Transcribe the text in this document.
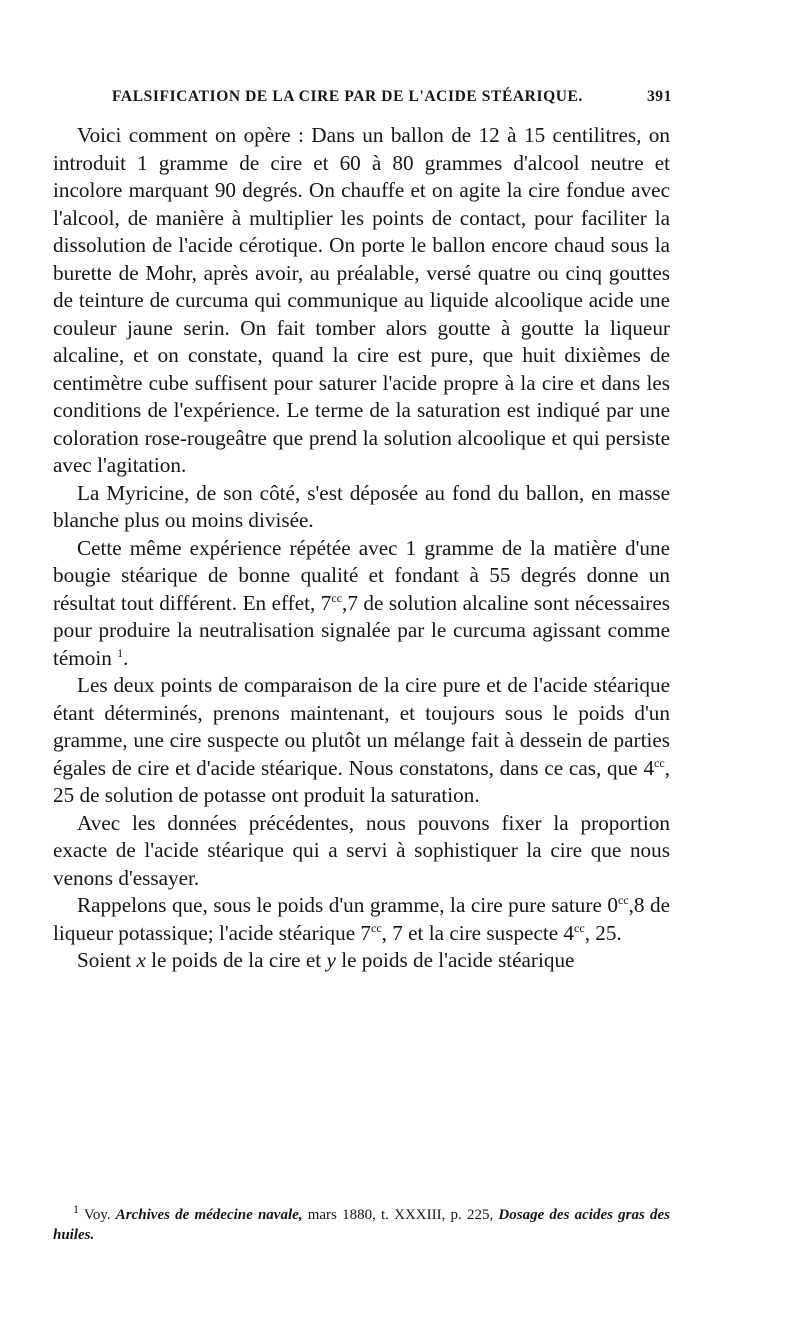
FALSIFICATION DE LA CIRE PAR DE L'ACIDE STÉARIQUE.	391

Voici comment on opère : Dans un ballon de 12 à 15 centilitres, on introduit 1 gramme de cire et 60 à 80 grammes d'alcool neutre et incolore marquant 90 degrés. On chauffe et on agite la cire fondue avec l'alcool, de manière à multiplier les points de contact, pour faciliter la dissolution de l'acide cérotique. On porte le ballon encore chaud sous la burette de Mohr, après avoir, au préalable, versé quatre ou cinq gouttes de teinture de curcuma qui communique au liquide alcoolique acide une couleur jaune serin. On fait tomber alors goutte à goutte la liqueur alcaline, et on constate, quand la cire est pure, que huit dixièmes de centimètre cube suffisent pour saturer l'acide propre à la cire et dans les conditions de l'expérience. Le terme de la saturation est indiqué par une coloration rose-rougeâtre que prend la solution alcoolique et qui persiste avec l'agitation.

La Myricine, de son côté, s'est déposée au fond du ballon, en masse blanche plus ou moins divisée.

Cette même expérience répétée avec 1 gramme de la matière d'une bougie stéarique de bonne qualité et fondant à 55 degrés donne un résultat tout différent. En effet, $7^{cc},7$ de solution alcaline sont nécessaires pour produire la neutralisation signalée par le curcuma agissant comme témoin $^1$.

Les deux points de comparaison de la cire pure et de l'acide stéarique étant déterminés, prenons maintenant, et toujours sous le poids d'un gramme, une cire suspecte ou plutôt un mélange fait à dessein de parties égales de cire et d'acide stéarique. Nous constatons, dans ce cas, que $4^{cc}$, 25 de solution de potasse ont produit la saturation.

Avec les données précédentes, nous pouvons fixer la proportion exacte de l'acide stéarique qui a servi à sophistiquer la cire que nous venons d'essayer.

Rappelons que, sous le poids d'un gramme, la cire pure sature $0^{cc},8$ de liqueur potassique; l'acide stéarique $7^{cc}$, 7 et la cire suspecte $4^{cc}$, 25.

Soient x le poids de la cire et y le poids de l'acide stéarique

$^1$ Voy. Archives de médecine navale, mars 1880, t. XXXIII, p. 225, Dosage des acides gras des huiles.
